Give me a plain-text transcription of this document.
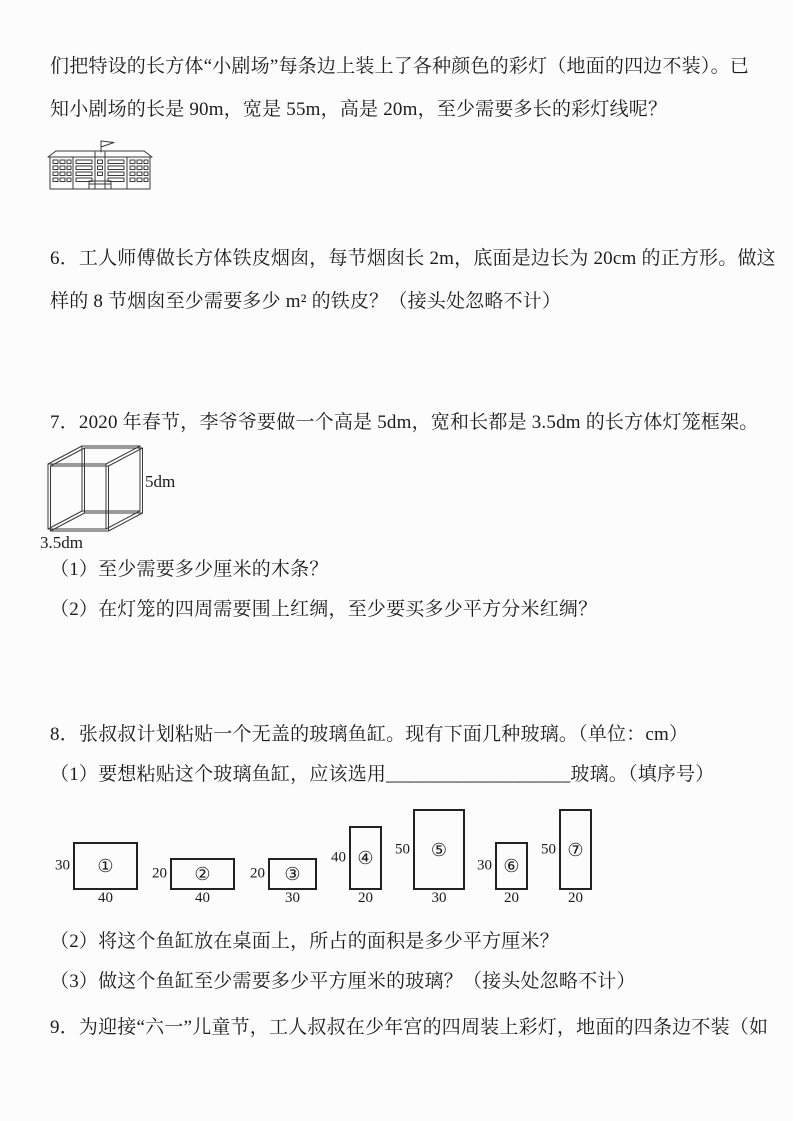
们把特设的长方体“小剧场”每条边上装上了各种颜色的彩灯（地面的四边不装）。已
知小剧场的长是 90m，宽是 55m，高是 20m，至少需要多长的彩灯线呢？
6．工人师傅做长方体铁皮烟囱，每节烟囱长 2m，底面是边长为 20cm 的正方形。做这
样的 8 节烟囱至少需要多少 m² 的铁皮？（接头处忽略不计）
7．2020 年春节，李爷爷要做一个高是 5dm，宽和长都是 3.5dm 的长方体灯笼框架。
5dm
3.5dm
（1）至少需要多少厘米的木条？
（2）在灯笼的四周需要围上红绸，至少要买多少平方分米红绸？
8．张叔叔计划粘贴一个无盖的玻璃鱼缸。现有下面几种玻璃。（单位：cm）
（1）要想粘贴这个玻璃鱼缸，应该选用___________________玻璃。（填序号）
30 ①
40
20 ②
40
20 ③
30
40 ④
20
50 ⑤
30
30 ⑥
20
50 ⑦
20
（2）将这个鱼缸放在桌面上，所占的面积是多少平方厘米？
（3）做这个鱼缸至少需要多少平方厘米的玻璃？（接头处忽略不计）
9．为迎接“六一”儿童节，工人叔叔在少年宫的四周装上彩灯，地面的四条边不装（如
